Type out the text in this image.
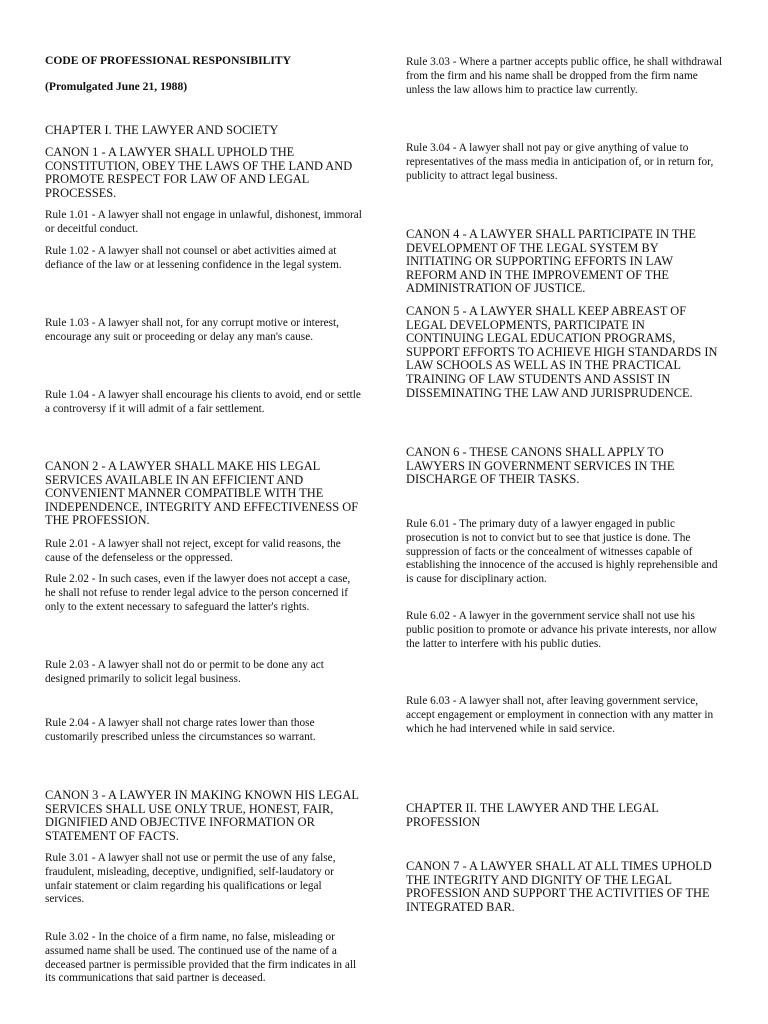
CODE OF PROFESSIONAL RESPONSIBILITY

(Promulgated June 21, 1988)

CHAPTER I. THE LAWYER AND SOCIETY

CANON 1 - A LAWYER SHALL UPHOLD THE CONSTITUTION, OBEY THE LAWS OF THE LAND AND PROMOTE RESPECT FOR LAW OF AND LEGAL PROCESSES.

Rule 1.01 - A lawyer shall not engage in unlawful, dishonest, immoral or deceitful conduct.

Rule 1.02 - A lawyer shall not counsel or abet activities aimed at defiance of the law or at lessening confidence in the legal system.

Rule 1.03 - A lawyer shall not, for any corrupt motive or interest, encourage any suit or proceeding or delay any man's cause.

Rule 1.04 - A lawyer shall encourage his clients to avoid, end or settle a controversy if it will admit of a fair settlement.

CANON 2 - A LAWYER SHALL MAKE HIS LEGAL SERVICES AVAILABLE IN AN EFFICIENT AND CONVENIENT MANNER COMPATIBLE WITH THE INDEPENDENCE, INTEGRITY AND EFFECTIVENESS OF THE PROFESSION.

Rule 2.01 - A lawyer shall not reject, except for valid reasons, the cause of the defenseless or the oppressed.

Rule 2.02 - In such cases, even if the lawyer does not accept a case, he shall not refuse to render legal advice to the person concerned if only to the extent necessary to safeguard the latter's rights.

Rule 2.03 - A lawyer shall not do or permit to be done any act designed primarily to solicit legal business.

Rule 2.04 - A lawyer shall not charge rates lower than those customarily prescribed unless the circumstances so warrant.

CANON 3 - A LAWYER IN MAKING KNOWN HIS LEGAL SERVICES SHALL USE ONLY TRUE, HONEST, FAIR, DIGNIFIED AND OBJECTIVE INFORMATION OR STATEMENT OF FACTS.

Rule 3.01 - A lawyer shall not use or permit the use of any false, fraudulent, misleading, deceptive, undignified, self-laudatory or unfair statement or claim regarding his qualifications or legal services.

Rule 3.02 - In the choice of a firm name, no false, misleading or assumed name shall be used. The continued use of the name of a deceased partner is permissible provided that the firm indicates in all its communications that said partner is deceased.

Rule 3.03 - Where a partner accepts public office, he shall withdrawal from the firm and his name shall be dropped from the firm name unless the law allows him to practice law currently.

Rule 3.04 - A lawyer shall not pay or give anything of value to representatives of the mass media in anticipation of, or in return for, publicity to attract legal business.

CANON 4 - A LAWYER SHALL PARTICIPATE IN THE DEVELOPMENT OF THE LEGAL SYSTEM BY INITIATING OR SUPPORTING EFFORTS IN LAW REFORM AND IN THE IMPROVEMENT OF THE ADMINISTRATION OF JUSTICE.

CANON 5 - A LAWYER SHALL KEEP ABREAST OF LEGAL DEVELOPMENTS, PARTICIPATE IN CONTINUING LEGAL EDUCATION PROGRAMS, SUPPORT EFFORTS TO ACHIEVE HIGH STANDARDS IN LAW SCHOOLS AS WELL AS IN THE PRACTICAL TRAINING OF LAW STUDENTS AND ASSIST IN DISSEMINATING THE LAW AND JURISPRUDENCE.

CANON 6 - THESE CANONS SHALL APPLY TO LAWYERS IN GOVERNMENT SERVICES IN THE DISCHARGE OF THEIR TASKS.

Rule 6.01 - The primary duty of a lawyer engaged in public prosecution is not to convict but to see that justice is done. The suppression of facts or the concealment of witnesses capable of establishing the innocence of the accused is highly reprehensible and is cause for disciplinary action.

Rule 6.02 - A lawyer in the government service shall not use his public position to promote or advance his private interests, nor allow the latter to interfere with his public duties.

Rule 6.03 - A lawyer shall not, after leaving government service, accept engagement or employment in connection with any matter in which he had intervened while in said service.

CHAPTER II. THE LAWYER AND THE LEGAL PROFESSION

CANON 7 - A LAWYER SHALL AT ALL TIMES UPHOLD THE INTEGRITY AND DIGNITY OF THE LEGAL PROFESSION AND SUPPORT THE ACTIVITIES OF THE INTEGRATED BAR.
